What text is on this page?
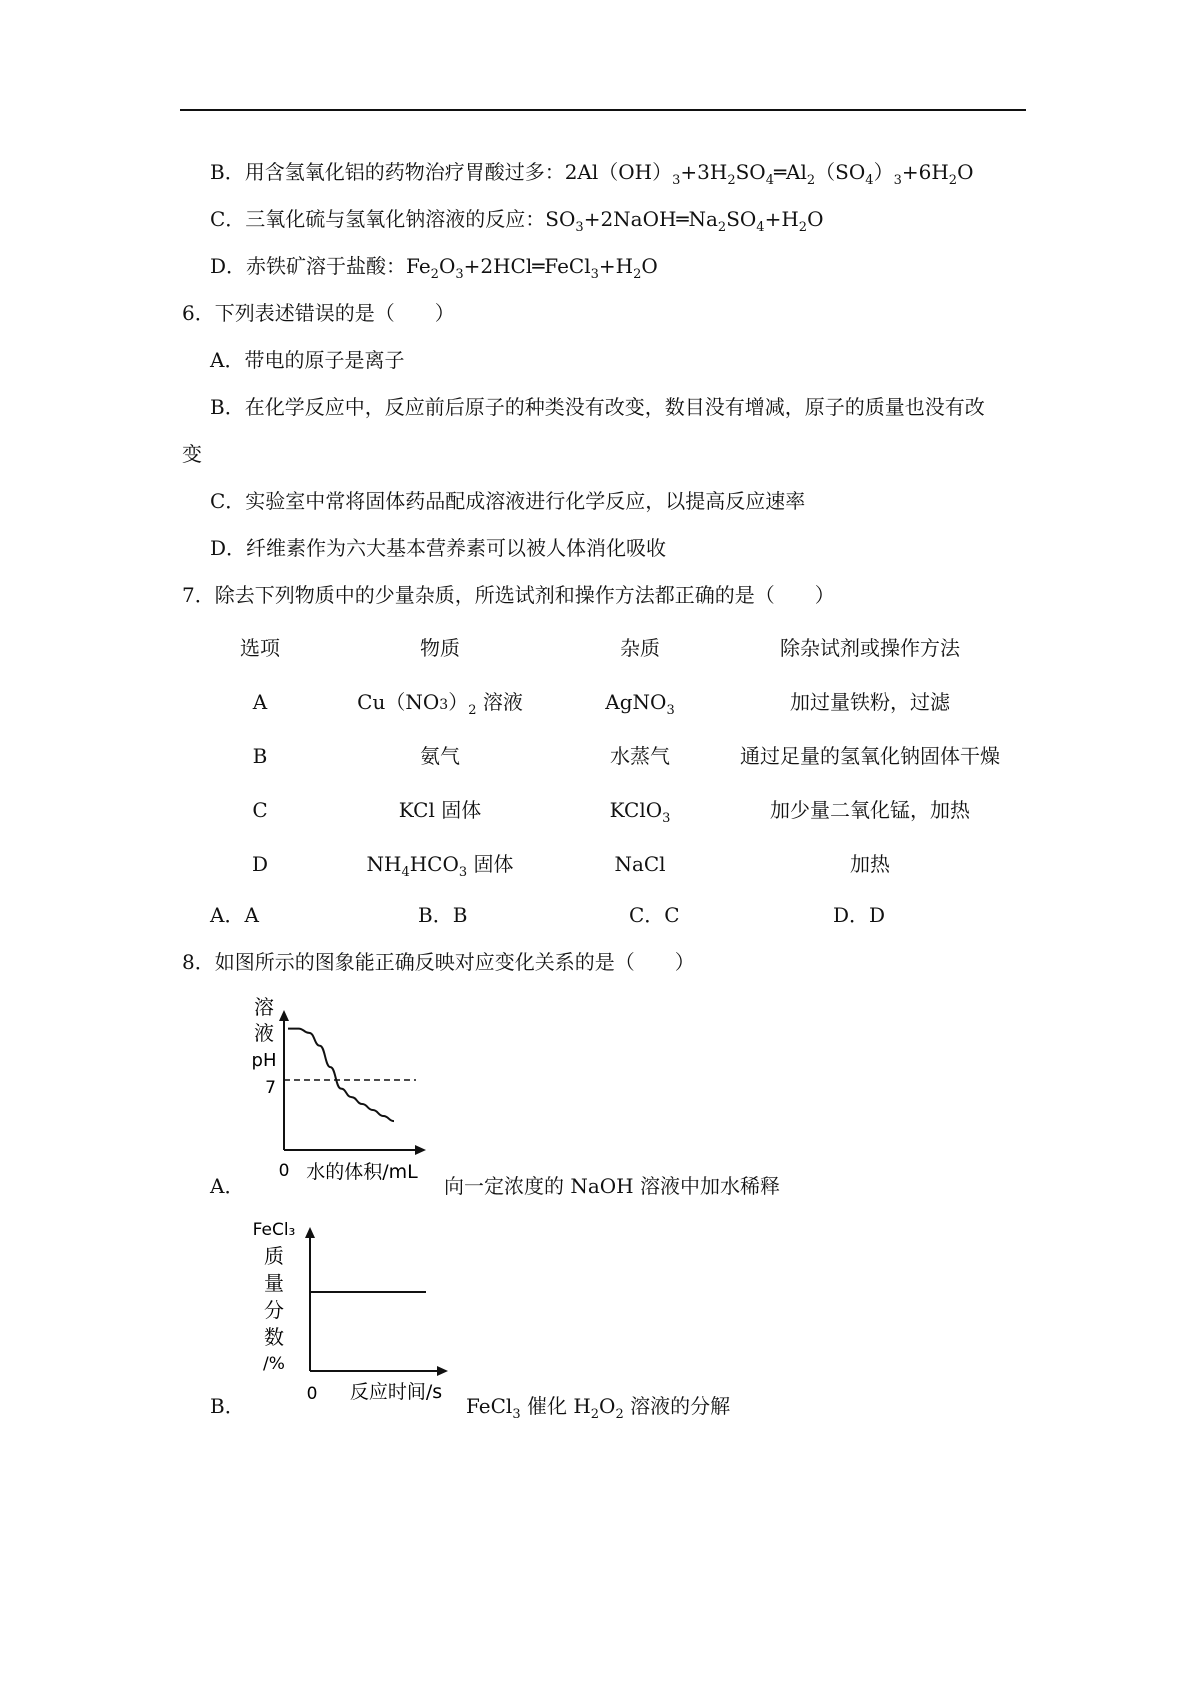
B．用含氢氧化铝的药物治疗胃酸过多：$2Al(OH)_3+3H_2SO_4═Al_2(SO_4)_3+6H_2O$
C．三氧化硫与氢氧化钠溶液的反应：$SO_3+2NaOH═Na_2SO_4+H_2O$
D．赤铁矿溶于盐酸：$Fe_2O_3+2HCl═FeCl_3+H_2O$
6．下列表述错误的是（　　）
A．带电的原子是离子
B．在化学反应中，反应前后原子的种类没有改变，数目没有增减，原子的质量也没有改
变
C．实验室中常将固体药品配成溶液进行化学反应，以提高反应速率
D．纤维素作为六大基本营养素可以被人体消化吸收
7．除去下列物质中的少量杂质，所选试剂和操作方法都正确的是（　　）
选项	物质	杂质	除杂试剂或操作方法
A	$Cu(NO3)_2$ 溶液	AgNO$_3$	加过量铁粉，过滤
B	氨气	水蒸气	通过足量的氢氧化钠固体干燥
C	KCl 固体	KClO$_3$	加少量二氧化锰，加热
D	$NH_4HCO_3$ 固体	NaCl	加热
A．A	B．B	C．C	D．D
8．如图所示的图象能正确反映对应变化关系的是（　　）
A．
溶
液
pH
7
0 水的体积/mL
向一定浓度的 NaOH 溶液中加水稀释
B．
FeCl₃
质
量
分
数
/%
0 反应时间/s
FeCl$_3$ 催化 $H_2O_2$ 溶液的分解
